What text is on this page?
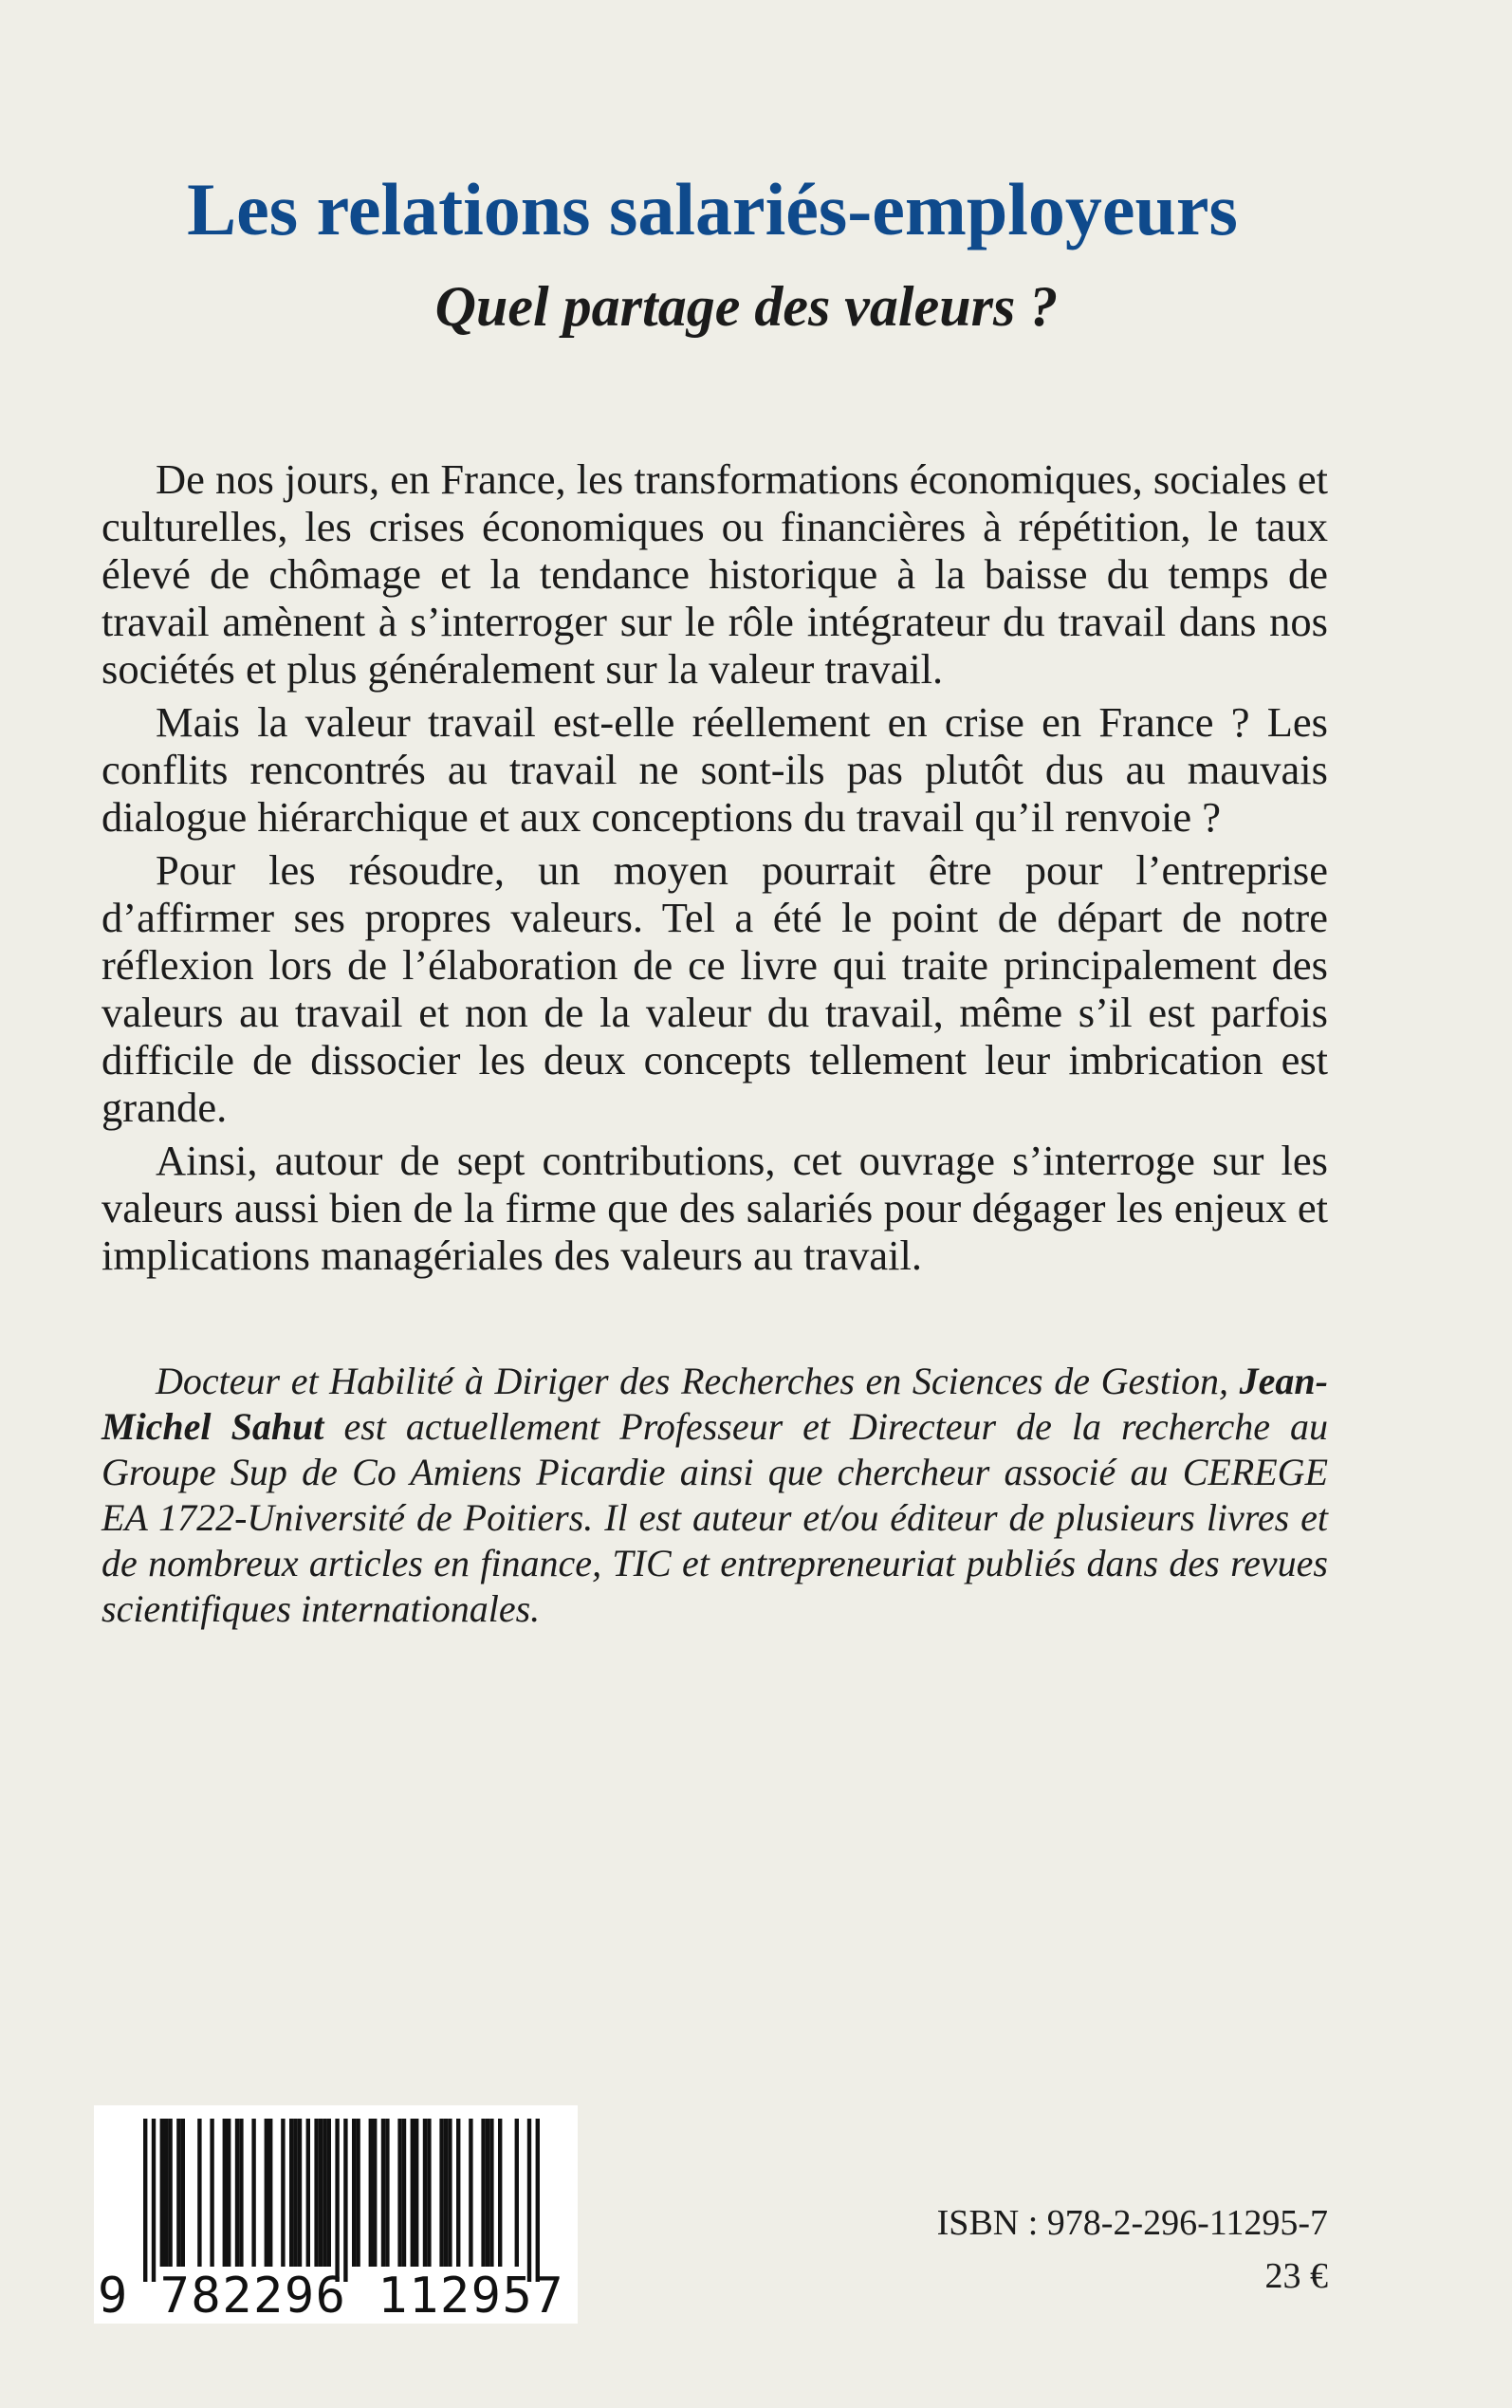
Les relations salariés-employeurs
Quel partage des valeurs ?

De nos jours, en France, les transformations économiques, sociales et culturelles, les crises économiques ou financières à répétition, le taux élevé de chômage et la tendance historique à la baisse du temps de travail amènent à s’interroger sur le rôle intégrateur du travail dans nos sociétés et plus généralement sur la valeur travail.

Mais la valeur travail est-elle réellement en crise en France ? Les conflits rencontrés au travail ne sont-ils pas plutôt dus au mauvais dialogue hiérarchique et aux conceptions du travail qu’il renvoie ?

Pour les résoudre, un moyen pourrait être pour l’entreprise d’affirmer ses propres valeurs. Tel a été le point de départ de notre réflexion lors de l’élaboration de ce livre qui traite principalement des valeurs au travail et non de la valeur du travail, même s’il est parfois difficile de dissocier les deux concepts tellement leur imbrication est grande.

Ainsi, autour de sept contributions, cet ouvrage s’interroge sur les valeurs aussi bien de la firme que des salariés pour dégager les enjeux et implications managériales des valeurs au travail.

Docteur et Habilité à Diriger des Recherches en Sciences de Gestion, Jean-Michel Sahut est actuellement Professeur et Directeur de la recherche au Groupe Sup de Co Amiens Picardie ainsi que chercheur associé au CEREGE EA 1722-Université de Poitiers. Il est auteur et/ou éditeur de plusieurs livres et de nombreux articles en finance, TIC et entrepreneuriat publiés dans des revues scientifiques internationales.

9 782296 112957
ISBN : 978-2-296-11295-7
23 €
